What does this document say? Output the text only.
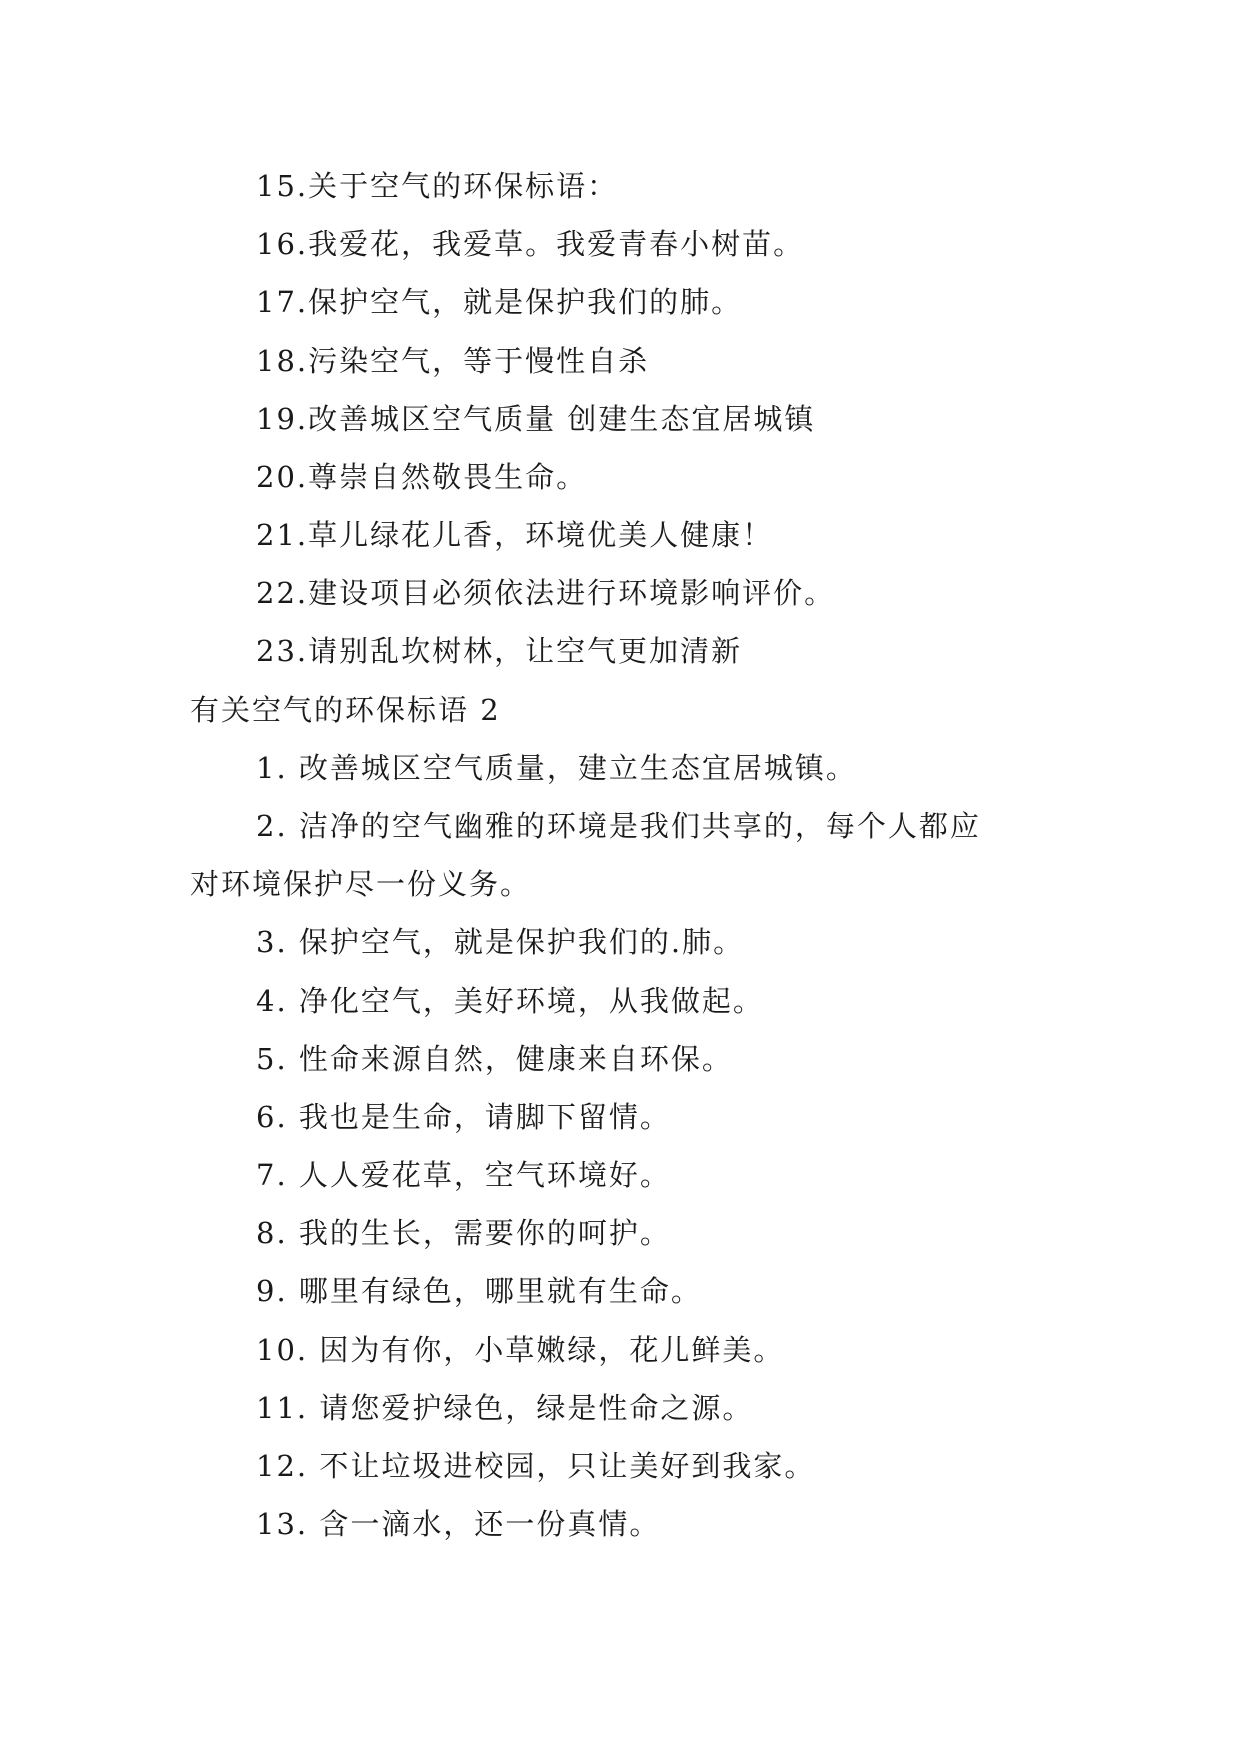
15.关于空气的环保标语：
16.我爱花，我爱草。我爱青春小树苗。
17.保护空气，就是保护我们的肺。
18.污染空气，等于慢性自杀
19.改善城区空气质量 创建生态宜居城镇
20.尊崇自然敬畏生命。
21.草儿绿花儿香，环境优美人健康！
22.建设项目必须依法进行环境影响评价。
23.请别乱坎树林，让空气更加清新
有关空气的环保标语 2
1. 改善城区空气质量，建立生态宜居城镇。
2. 洁净的空气幽雅的环境是我们共享的，每个人都应
对环境保护尽一份义务。
3. 保护空气，就是保护我们的.肺。
4. 净化空气，美好环境，从我做起。
5. 性命来源自然，健康来自环保。
6. 我也是生命，请脚下留情。
7. 人人爱花草，空气环境好。
8. 我的生长，需要你的呵护。
9. 哪里有绿色，哪里就有生命。
10. 因为有你，小草嫩绿，花儿鲜美。
11. 请您爱护绿色，绿是性命之源。
12. 不让垃圾进校园，只让美好到我家。
13. 含一滴水，还一份真情。
